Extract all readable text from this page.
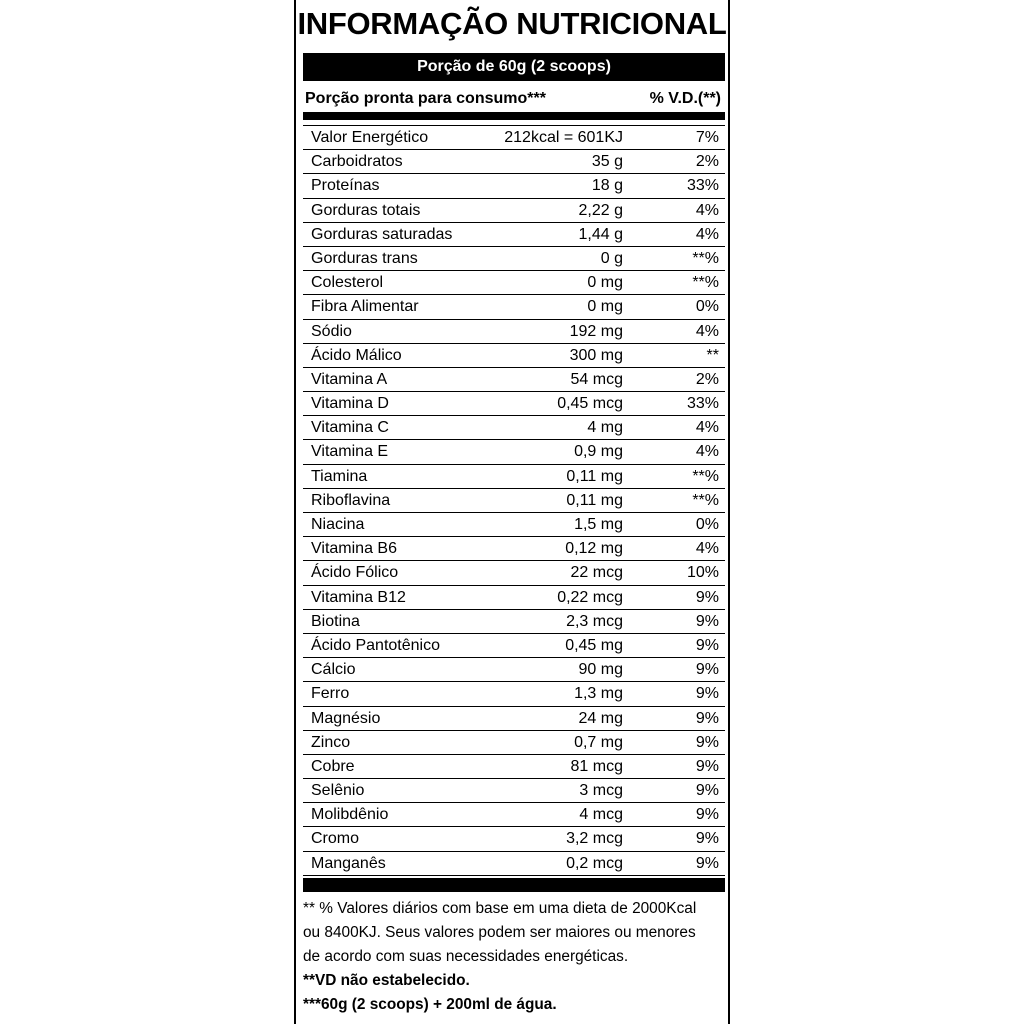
INFORMAÇÃO NUTRICIONAL
Porção de 60g (2 scoops)
Porção pronta para consumo***	% V.D.(**)
Valor Energético	212kcal = 601KJ	7%
Carboidratos	35 g	2%
Proteínas	18 g	33%
Gorduras totais	2,22 g	4%
Gorduras saturadas	1,44 g	4%
Gorduras trans	0 g	**%
Colesterol	0 mg	**%
Fibra Alimentar	0 mg	0%
Sódio	192 mg	4%
Ácido Málico	300 mg	**
Vitamina A	54 mcg	2%
Vitamina D	0,45 mcg	33%
Vitamina C	4 mg	4%
Vitamina E	0,9 mg	4%
Tiamina	0,11 mg	**%
Riboflavina	0,11 mg	**%
Niacina	1,5 mg	0%
Vitamina B6	0,12 mg	4%
Ácido Fólico	22 mcg	10%
Vitamina B12	0,22 mcg	9%
Biotina	2,3 mcg	9%
Ácido Pantotênico	0,45 mg	9%
Cálcio	90 mg	9%
Ferro	1,3 mg	9%
Magnésio	24 mg	9%
Zinco	0,7 mg	9%
Cobre	81 mcg	9%
Selênio	3 mcg	9%
Molibdênio	4 mcg	9%
Cromo	3,2 mcg	9%
Manganês	0,2 mcg	9%

** % Valores diários com base em uma dieta de 2000Kcal

ou 8400KJ. Seus valores podem ser maiores ou menores

de acordo com suas necessidades energéticas.

**VD não estabelecido.

***60g (2 scoops) + 200ml de água.
